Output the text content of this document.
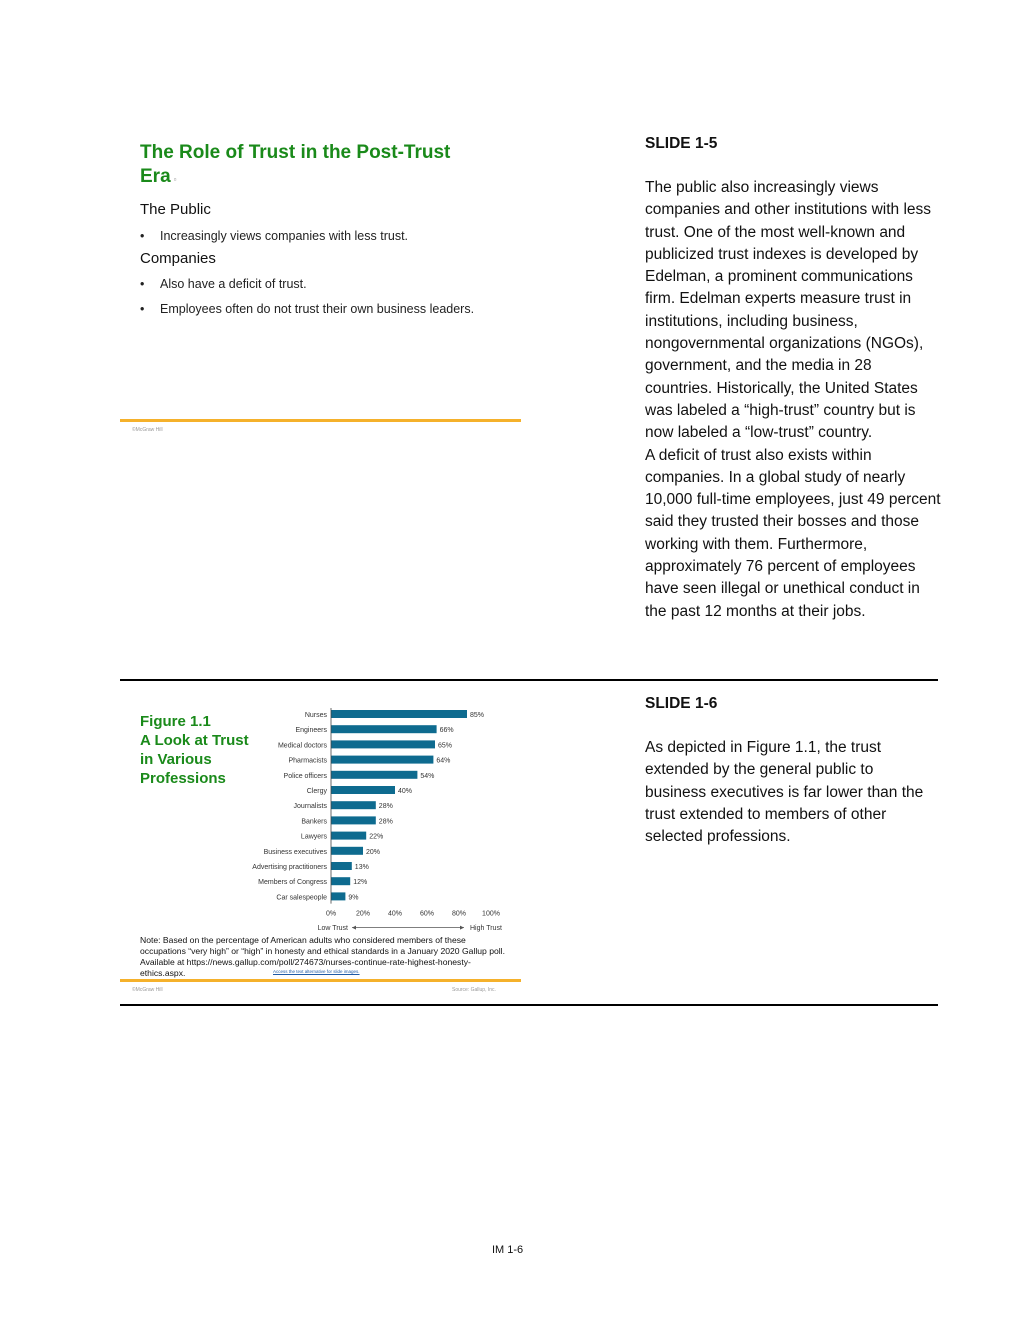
The Role of Trust in the Post-Trust
Era ▫
The Public
• Increasingly views companies with less trust.
Companies
• Also have a deficit of trust.
• Employees often do not trust their own business leaders.
©McGraw Hill
SLIDE 1-5
The public also increasingly views companies and other institutions with less trust. One of the most well-known and publicized trust indexes is developed by Edelman, a prominent communications firm. Edelman experts measure trust in institutions, including business, nongovernmental organizations (NGOs), government, and the media in 28 countries. Historically, the United States was labeled a “high-trust” country but is now labeled a “low-trust” country.
A deficit of trust also exists within companies. In a global study of nearly 10,000 full-time employees, just 49 percent said they trusted their bosses and those working with them. Furthermore, approximately 76 percent of employees have seen illegal or unethical conduct in the past 12 months at their jobs.
Figure 1.1
A Look at Trust
in Various
Professions
Nurses	85%
Engineers	66%
Medical doctors	65%
Pharmacists	64%
Police officers	54%
Clergy	40%
Journalists	28%
Bankers	28%
Lawyers	22%
Business executives	20%
Advertising practitioners	13%
Members of Congress	12%
Car salespeople	9%
0%	20%	40%	60%	80% 100%
Low Trust	High Trust
Note: Based on the percentage of American adults who considered members of these occupations “very high” or “high” in honesty and ethical standards in a January 2020 Gallup poll. Available at https://news.gallup.com/poll/274673/nurses-continue-rate-highest-honesty-ethics.aspx.	Access the text alternative for slide images.
©McGraw Hill	Source: Gallup, Inc.
SLIDE 1-6
As depicted in Figure 1.1, the trust extended by the general public to business executives is far lower than the trust extended to members of other selected professions.
IM 1-6
